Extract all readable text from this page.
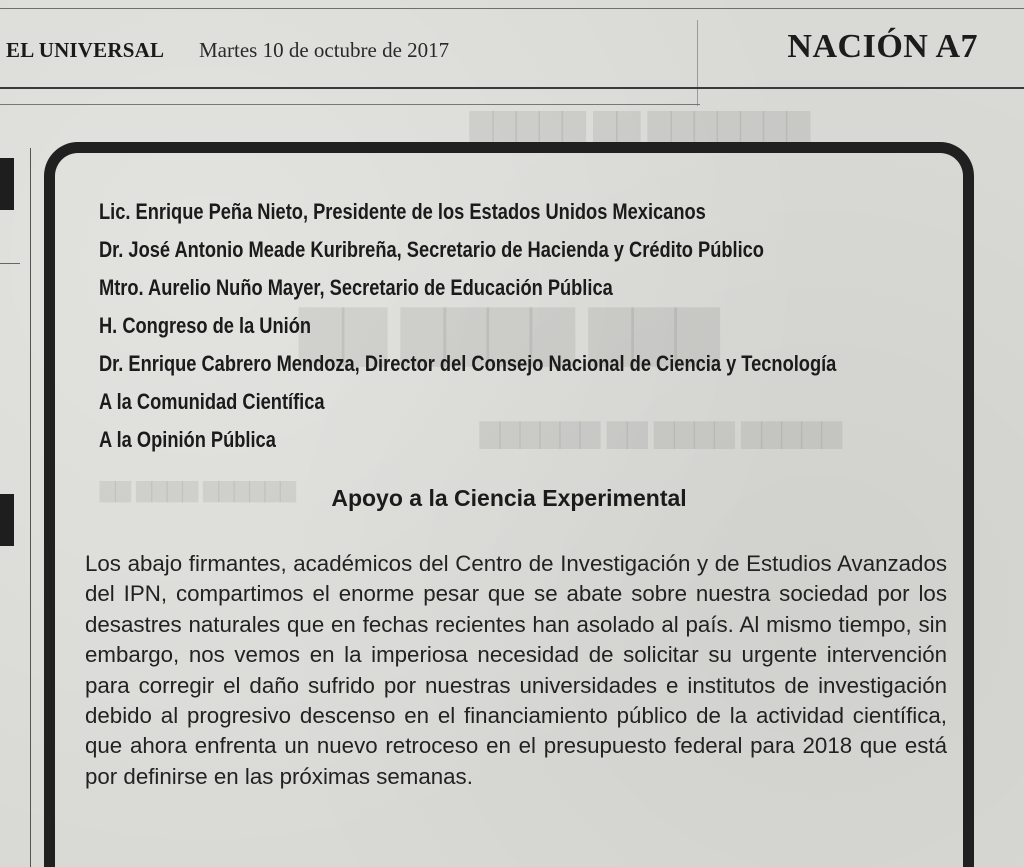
EL UNIVERSAL Martes 10 de octubre de 2017	NACIÓN A7
▇▇▇▇▇ ▇▇ ▇▇▇▇▇▇▇
▇▇ ▇▇▇▇ ▇▇▇
▇▇▇▇▇▇ ▇▇ ▇▇▇▇ ▇▇▇▇▇
▇▇ ▇▇▇▇ ▇▇▇▇▇▇
Lic. Enrique Peña Nieto, Presidente de los Estados Unidos Mexicanos
Dr. José Antonio Meade Kuribreña, Secretario de Hacienda y Crédito Público
Mtro. Aurelio Nuño Mayer, Secretario de Educación Pública
H. Congreso de la Unión
Dr. Enrique Cabrero Mendoza, Director del Consejo Nacional de Ciencia y Tecnología
A la Comunidad Científica
A la Opinión Pública
Apoyo a la Ciencia Experimental

Los abajo firmantes, académicos del Centro de Investigación y de Estudios Avanzados del IPN, compartimos el enorme pesar que se abate sobre nuestra sociedad por los desastres naturales que en fechas recientes han asolado al país. Al mismo tiempo, sin embargo, nos vemos en la imperiosa necesidad de solicitar su urgente intervención para corregir el daño sufrido por nuestras universidades e institutos de investigación debido al progresivo descenso en el financiamiento público de la actividad científica, que ahora enfrenta un nuevo retroceso en el presupuesto federal para 2018 que está por definirse en las próximas semanas.
